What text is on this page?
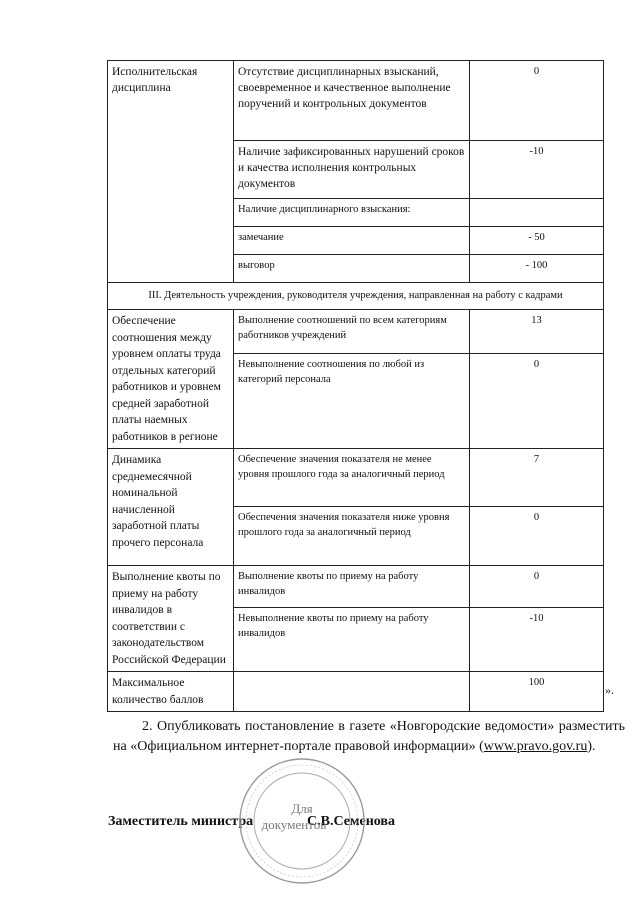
Исполнительская дисциплина	Отсутствие дисциплинарных взысканий, своевременное и качественное выполнение поручений и контрольных документов	0
	Наличие зафиксированных нарушений сроков и качества исполнения контрольных документов	-10
	Наличие дисциплинарного взыскания:	
	замечание	- 50
	выговор	- 100
III. Деятельность учреждения, руководителя учреждения, направленная на работу с кадрами		
Обеспечение соотношения между уровнем оплаты труда отдельных категорий работников и уровнем средней заработной платы наемных работников в регионе	Выполнение соотношений по всем категориям работников учреждений	13
	Невыполнение соотношения по любой из категорий персонала	0
Динамика среднемесячной номинальной начисленной заработной платы прочего персонала	Обеспечение значения показателя не менее уровня прошлого года за аналогичный период	7
	Обеспечения значения показателя ниже уровня прошлого года за аналогичный период	0
Выполнение квоты по приему на работу инвалидов в соответствии с законодательством Российской Федерации	Выполнение квоты по приему на работу инвалидов	0
	Невыполнение квоты по приему на работу инвалидов	-10
Максимальное количество баллов		100
».
2. Опубликовать постановление в газете «Новгородские ведомости» разместить на «Официальном интернет-портале правовой информации» (www.pravo.gov.ru).
Заместитель министра	С.В.Семенова
Для
документов
